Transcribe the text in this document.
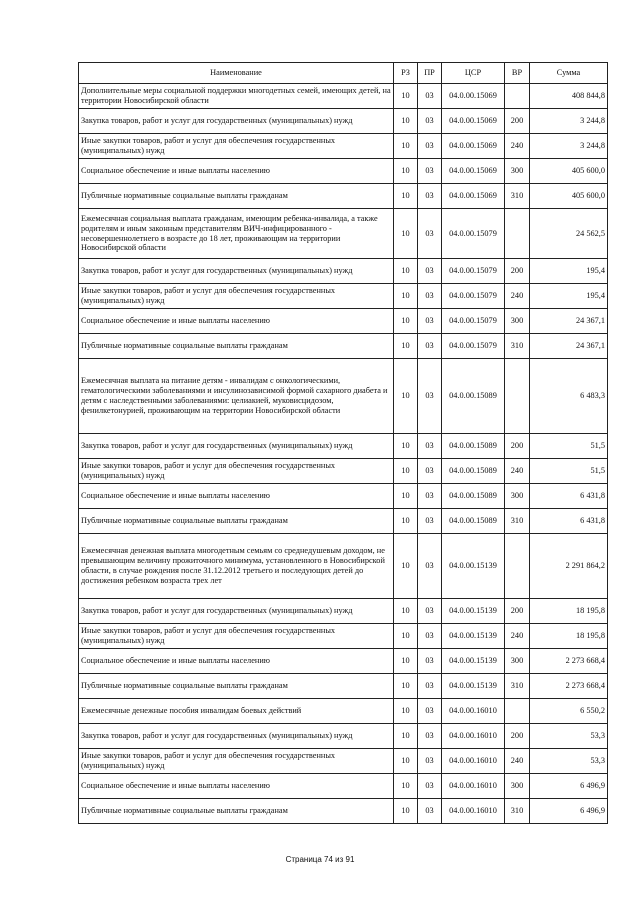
Наименование	РЗ	ПР	ЦСР	ВР	Сумма
Дополнительные меры социальной поддержки многодетных семей, имеющих детей, на территории Новосибирской области	10	03	04.0.00.15069		408 844,8
Закупка товаров, работ и услуг для государственных (муниципальных) нужд	10	03	04.0.00.15069	200	3 244,8
Иные закупки товаров, работ и услуг для обеспечения государственных (муниципальных) нужд	10	03	04.0.00.15069	240	3 244,8
Социальное обеспечение и иные выплаты населению	10	03	04.0.00.15069	300	405 600,0
Публичные нормативные социальные выплаты гражданам	10	03	04.0.00.15069	310	405 600,0
Ежемесячная социальная выплата гражданам, имеющим ребенка-инвалида, а также родителям и иным законным представителям ВИЧ-инфицированного - несовершеннолетнего в возрасте до 18 лет, проживающим на территории Новосибирской области	10	03	04.0.00.15079		24 562,5
Закупка товаров, работ и услуг для государственных (муниципальных) нужд	10	03	04.0.00.15079	200	195,4
Иные закупки товаров, работ и услуг для обеспечения государственных (муниципальных) нужд	10	03	04.0.00.15079	240	195,4
Социальное обеспечение и иные выплаты населению	10	03	04.0.00.15079	300	24 367,1
Публичные нормативные социальные выплаты гражданам	10	03	04.0.00.15079	310	24 367,1
Ежемесячная выплата на питание детям - инвалидам с онкологическими, гематологическими заболеваниями и инсулинозависимой формой сахарного диабета и детям с наследственными заболеваниями: целиакией, муковисцидозом, фенилкетонурией, проживающим на территории Новосибирской области	10	03	04.0.00.15089		6 483,3
Закупка товаров, работ и услуг для государственных (муниципальных) нужд	10	03	04.0.00.15089	200	51,5
Иные закупки товаров, работ и услуг для обеспечения государственных (муниципальных) нужд	10	03	04.0.00.15089	240	51,5
Социальное обеспечение и иные выплаты населению	10	03	04.0.00.15089	300	6 431,8
Публичные нормативные социальные выплаты гражданам	10	03	04.0.00.15089	310	6 431,8
Ежемесячная денежная выплата многодетным семьям со среднедушевым доходом, не превышающим величину прожиточного минимума, установленного в Новосибирской области, в случае рождения после 31.12.2012 третьего и последующих детей до достижения ребенком возраста трех лет	10	03	04.0.00.15139		2 291 864,2
Закупка товаров, работ и услуг для государственных (муниципальных) нужд	10	03	04.0.00.15139	200	18 195,8
Иные закупки товаров, работ и услуг для обеспечения государственных (муниципальных) нужд	10	03	04.0.00.15139	240	18 195,8
Социальное обеспечение и иные выплаты населению	10	03	04.0.00.15139	300	2 273 668,4
Публичные нормативные социальные выплаты гражданам	10	03	04.0.00.15139	310	2 273 668,4
Ежемесячные денежные пособия инвалидам боевых действий	10	03	04.0.00.16010		6 550,2
Закупка товаров, работ и услуг для государственных (муниципальных) нужд	10	03	04.0.00.16010	200	53,3
Иные закупки товаров, работ и услуг для обеспечения государственных (муниципальных) нужд	10	03	04.0.00.16010	240	53,3
Социальное обеспечение и иные выплаты населению	10	03	04.0.00.16010	300	6 496,9
Публичные нормативные социальные выплаты гражданам	10	03	04.0.00.16010	310	6 496,9
Страница 74 из 91
